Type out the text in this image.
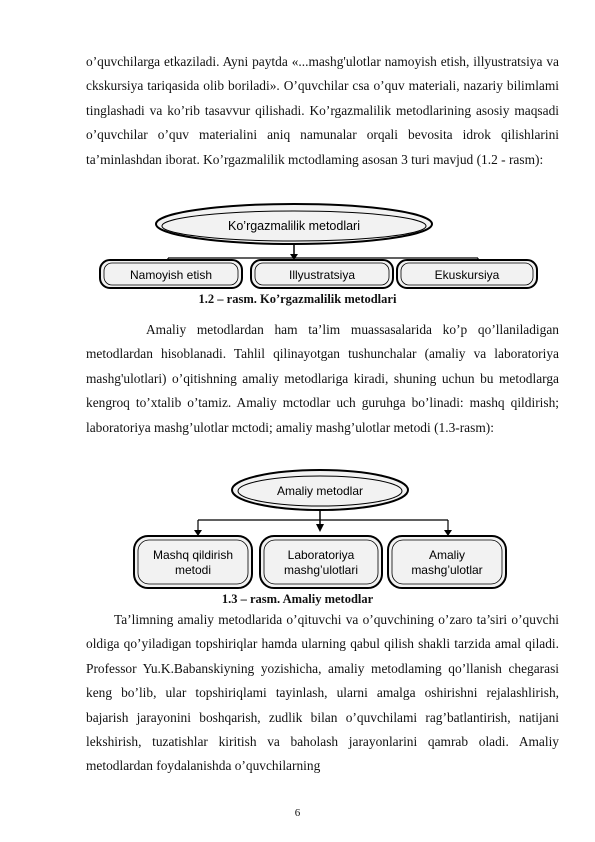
o’quvchilarga etkaziladi. Ayni paytda «...mashg'ulotlar namoyish etish, illyustratsiya va ckskursiya tariqasida olib boriladi». O’quvchilar csa o’quv materiali, nazariy bilimlami tinglashadi va ko’rib tasavvur qilishadi. Ko’rgazmalilik metodlarining asosiy maqsadi o’quvchilar o’quv materialini aniq namunalar orqali bevosita idrok qilishlarini ta’minlashdan iborat. Ko’rgazmalilik mctodlaming asosan 3 turi mavjud (1.2 - rasm):

Ko’rgazmalilik metodlari
Namoyish etish	Illyustratsiya	Ekuskursiya
1.2 – rasm. Ko’rgazmalilik metodlari

Amaliy metodlardan ham ta’lim muassasalarida ko’p qo’llaniladigan metodlardan hisoblanadi. Tahlil qilinayotgan tushunchalar (amaliy va laboratoriya mashg'ulotlari) o’qitishning amaliy metodlariga kiradi, shuning uchun bu metodlarga kengroq to’xtalib o’tamiz. Amaliy mctodlar uch guruhga bo’linadi: mashq qildirish; laboratoriya mashg’ulotlar mctodi; amaliy mashg’ulotlar metodi (1.3-rasm):

Amaliy metodlar
Mashq qildirish
metodi
Laboratoriya
mashg’ulotlari
Amaliy
mashg’ulotlar
1.3 – rasm. Amaliy metodlar

Ta’limning amaliy metodlarida o’qituvchi va o’quvchining o’zaro ta’siri o’quvchi oldiga qo’yiladigan topshiriqlar hamda ularning qabul qilish shakli tarzida amal qiladi. Professor Yu.K.Babanskiyning yozishicha, amaliy metodlaming qo’llanish chegarasi keng bo’lib, ular topshiriqlami tayinlash, ularni amalga oshirishni rejalashlirish, bajarish jarayonini boshqarish, zudlik bilan o’quvchilami rag’batlantirish, natijani lekshirish, tuzatishlar kiritish va baholash jarayonlarini qamrab oladi. Amaliy metodlardan foydalanishda o’quvchilarning

6
